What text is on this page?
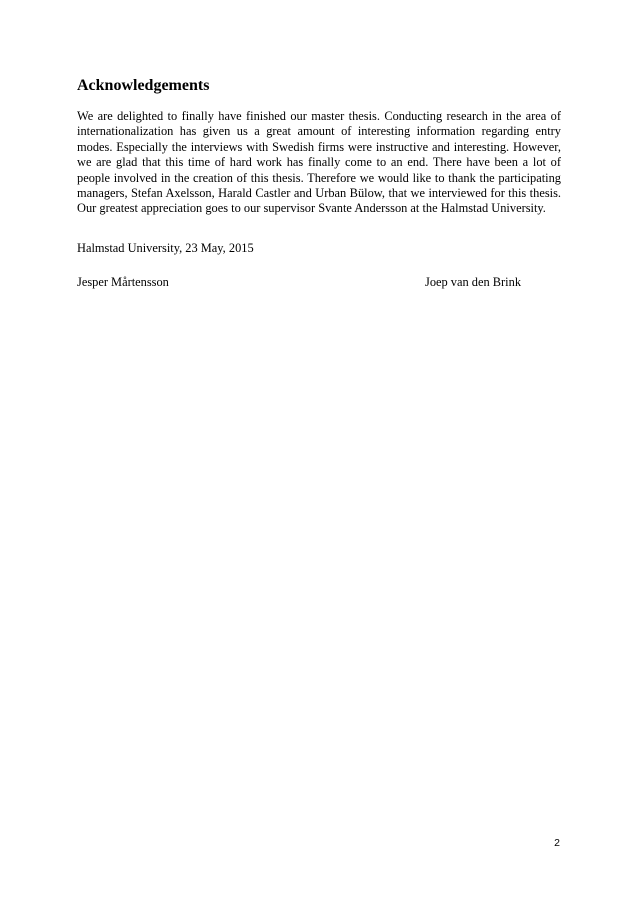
Acknowledgements

We are delighted to finally have finished our master thesis. Conducting research in the area of internationalization has given us a great amount of interesting information regarding entry modes. Especially the interviews with Swedish firms were instructive and interesting. However, we are glad that this time of hard work has finally come to an end. There have been a lot of people involved in the creation of this thesis. Therefore we would like to thank the participating managers, Stefan Axelsson, Harald Castler and Urban Bülow, that we interviewed for this thesis. Our greatest appreciation goes to our supervisor Svante Andersson at the Halmstad University.

Halmstad University, 23 May, 2015

Jesper Mårtensson	Joep van den Brink

2
